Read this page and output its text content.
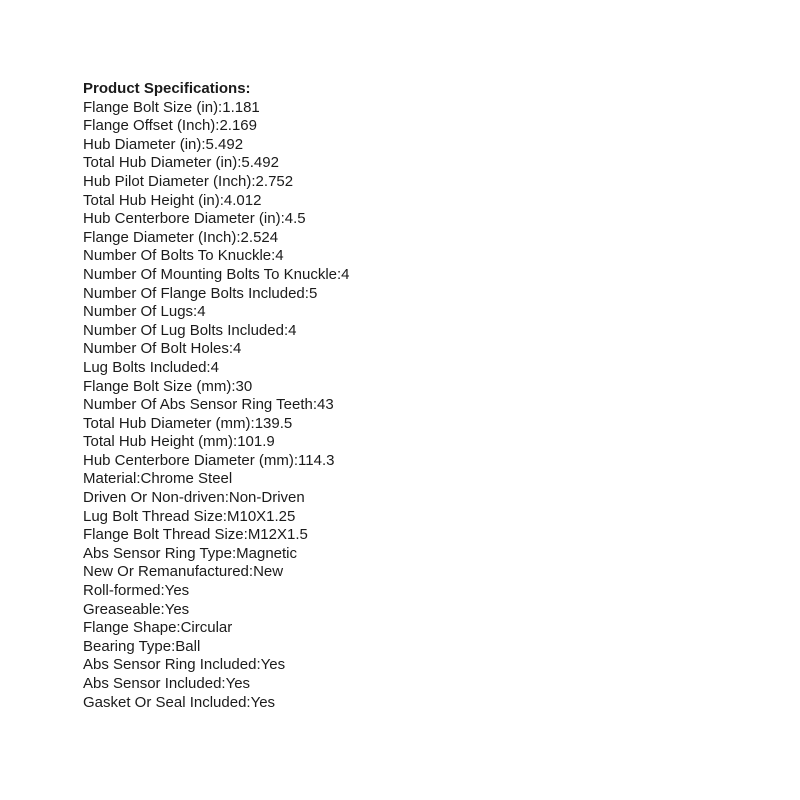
Product Specifications:
Flange Bolt Size (in):1.181
Flange Offset (Inch):2.169
Hub Diameter (in):5.492
Total Hub Diameter (in):5.492
Hub Pilot Diameter (Inch):2.752
Total Hub Height (in):4.012
Hub Centerbore Diameter (in):4.5
Flange Diameter (Inch):2.524
Number Of Bolts To Knuckle:4
Number Of Mounting Bolts To Knuckle:4
Number Of Flange Bolts Included:5
Number Of Lugs:4
Number Of Lug Bolts Included:4
Number Of Bolt Holes:4
Lug Bolts Included:4
Flange Bolt Size (mm):30
Number Of Abs Sensor Ring Teeth:43
Total Hub Diameter (mm):139.5
Total Hub Height (mm):101.9
Hub Centerbore Diameter (mm):114.3
Material:Chrome Steel
Driven Or Non-driven:Non-Driven
Lug Bolt Thread Size:M10X1.25
Flange Bolt Thread Size:M12X1.5
Abs Sensor Ring Type:Magnetic
New Or Remanufactured:New
Roll-formed:Yes
Greaseable:Yes
Flange Shape:Circular
Bearing Type:Ball
Abs Sensor Ring Included:Yes
Abs Sensor Included:Yes
Gasket Or Seal Included:Yes
